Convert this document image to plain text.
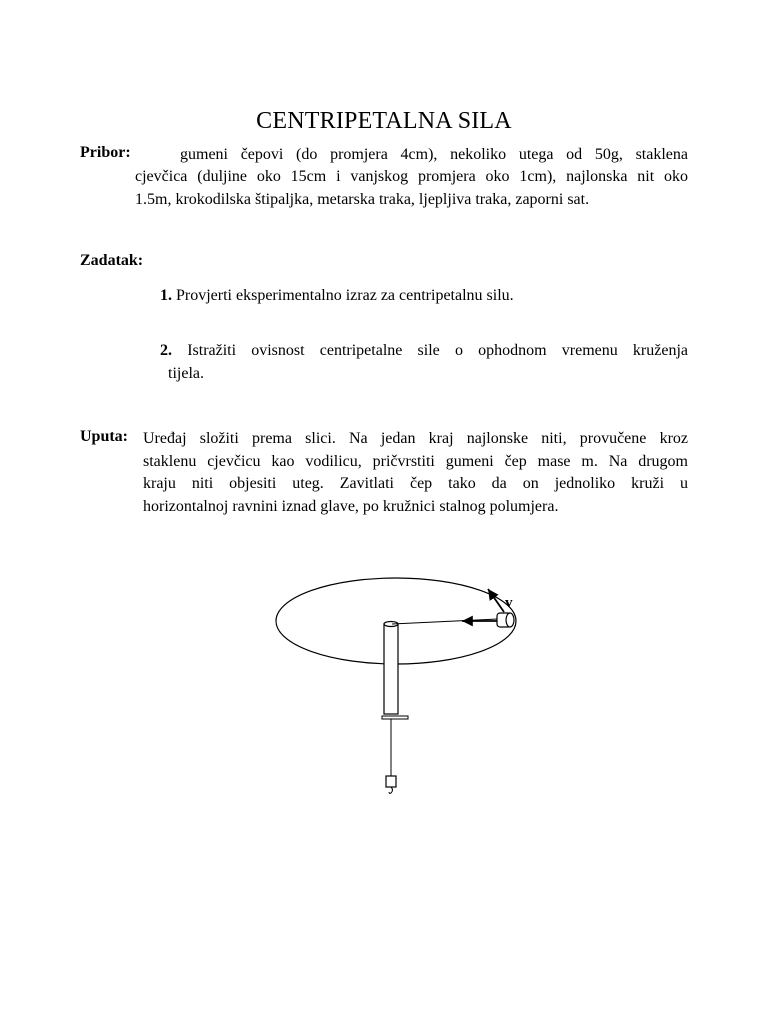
CENTRIPETALNA SILA
Pribor:	gumeni čepovi (do promjera 4cm), nekoliko utega od 50g, staklena
cjevčica (duljine oko 15cm i vanjskog promjera oko 1cm), najlonska nit oko
1.5m, krokodilska štipaljka, metarska traka, ljepljiva traka, zaporni sat.
Zadatak:
1. Provjerti eksperimentalno izraz za centripetalnu silu.
2. Istražiti ovisnost centripetalne sile o ophodnom vremenu kruženja
tijela.
Uputa: Uređaj složiti prema slici. Na jedan kraj najlonske niti, provučene kroz
staklenu cjevčicu kao vodilicu, pričvrstiti gumeni čep mase m. Na drugom
kraju niti objesiti uteg. Zavitlati čep tako da on jednoliko kruži u
horizontalnoj ravnini iznad glave, po kružnici stalnog polumjera.
v
